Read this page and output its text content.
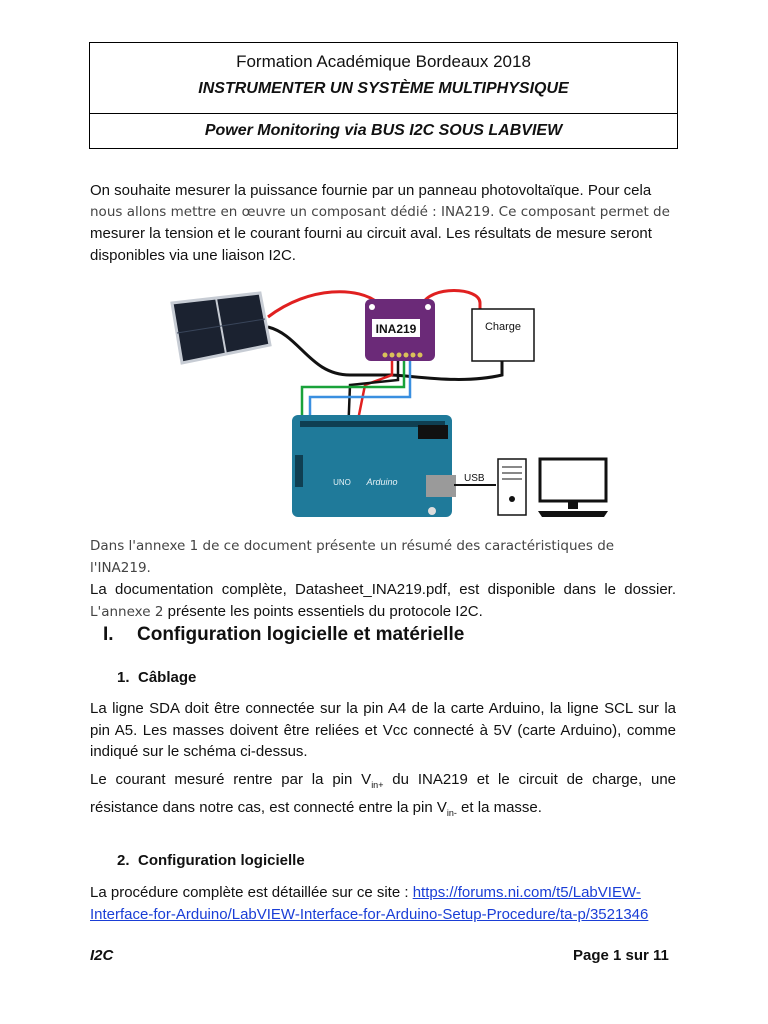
Formation Académique Bordeaux 2018
INSTRUMENTER UN SYSTÈME MULTIPHYSIQUE
Power Monitoring via BUS I2C SOUS LABVIEW
On souhaite mesurer la puissance fournie par un panneau photovoltaïque. Pour cela
nous allons mettre en œuvre un composant dédié : INA219. Ce composant permet de
mesurer la tension et le courant fourni au circuit aval. Les résultats de mesure seront
disponibles via une liaison I2C.
INA219	Charge
Arduino
UNO	USB
Dans l'annexe 1 de ce document présente un résumé des caractéristiques de l'INA219.
La documentation complète, Datasheet_INA219.pdf, est disponible dans le dossier.
L'annexe 2 présente les points essentiels du protocole I2C.
I. Configuration logicielle et matérielle
1. Câblage
La ligne SDA doit être connectée sur la pin A4 de la carte Arduino, la ligne SCL sur la pin A5. Les masses doivent être reliées et Vcc connecté à 5V (carte Arduino), comme indiqué sur le schéma ci-dessus.
Le courant mesuré rentre par la pin $V_{in+}$ du INA219 et le circuit de charge, une résistance dans notre cas, est connecté entre la pin $V_{in-}$ et la masse.
2. Configuration logicielle
La procédure complète est détaillée sur ce site : https://forums.ni.com/t5/LabVIEW-
Interface-for-Arduino/LabVIEW-Interface-for-Arduino-Setup-Procedure/ta-p/3521346
I2C	Page 1 sur 11
